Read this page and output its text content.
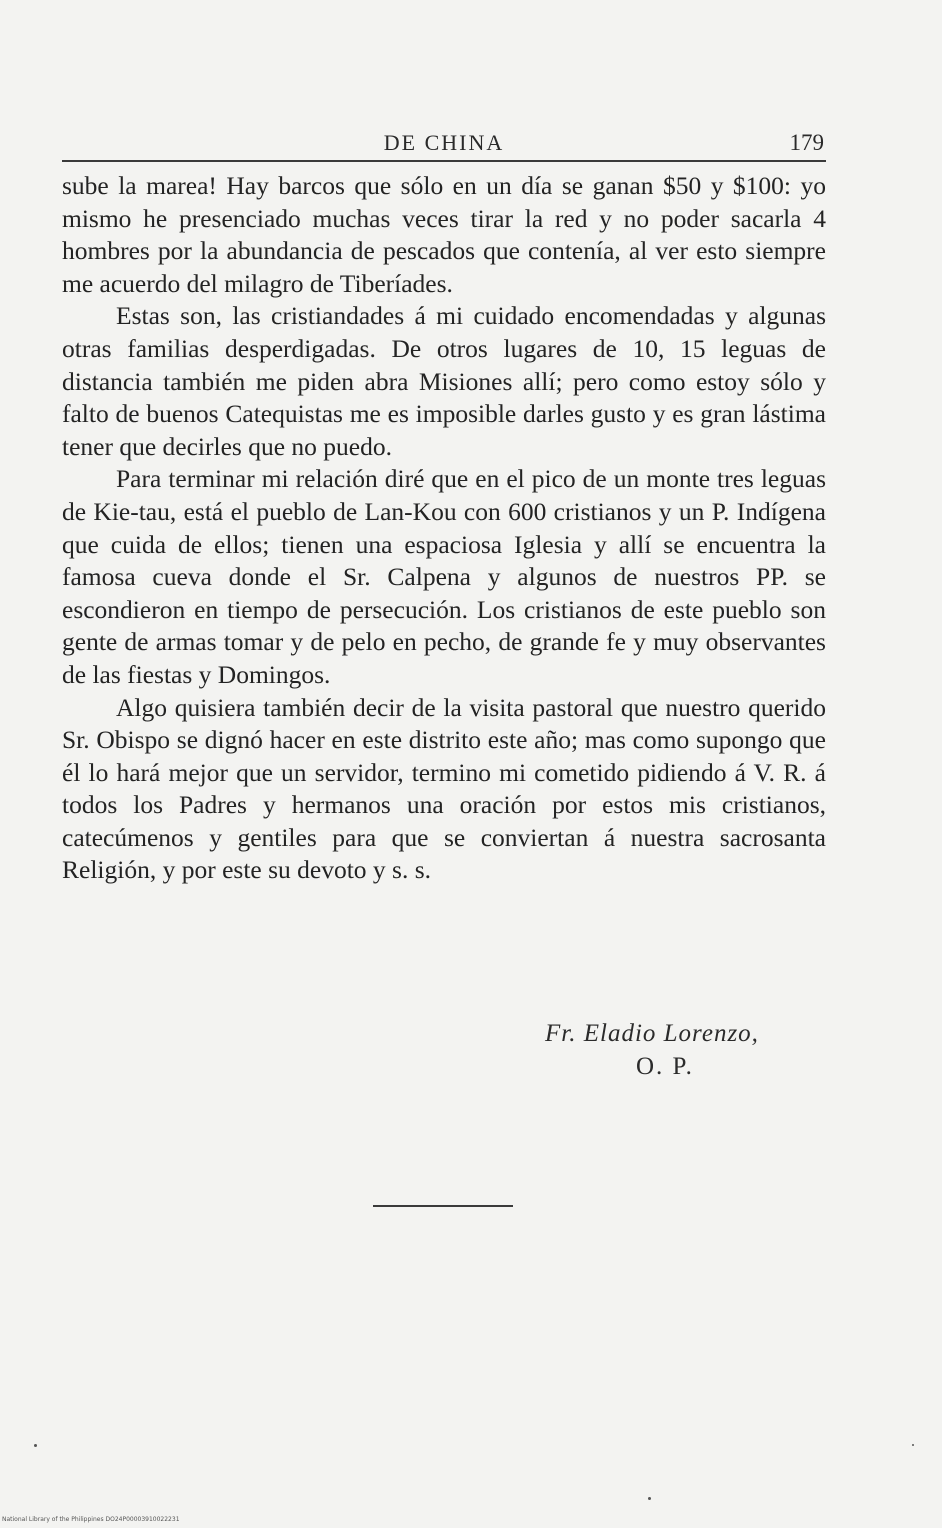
DE CHINA	179

sube la marea! Hay barcos que sólo en un día se ganan $50 y $100: yo mismo he presenciado muchas veces tirar la red y no poder sacarla 4 hombres por la abundancia de pescados que contenía, al ver esto siempre me acuerdo del milagro de Tiberíades.

Estas son, las cristiandades á mi cuidado encomendadas y algunas otras familias desperdigadas. De otros lugares de 10, 15 leguas de distancia también me piden abra Misiones allí; pero como estoy sólo y falto de buenos Catequistas me es imposible darles gusto y es gran lástima tener que decirles que no puedo.

Para terminar mi relación diré que en el pico de un monte tres leguas de Kie-tau, está el pueblo de Lan-Kou con 600 cristianos y un P. Indígena que cuida de ellos; tienen una espaciosa Iglesia y allí se encuentra la famosa cueva donde el Sr. Calpena y algunos de nuestros PP. se escondieron en tiempo de persecución. Los cristianos de este pueblo son gente de armas tomar y de pelo en pecho, de grande fe y muy observantes de las fiestas y Domingos.

Algo quisiera también decir de la visita pastoral que nuestro querido Sr. Obispo se dignó hacer en este distrito este año; mas como supongo que él lo hará mejor que un servidor, termino mi cometido pidiendo á V. R. á todos los Padres y hermanos una oración por estos mis cristianos, catecúmenos y gentiles para que se conviertan á nuestra sacrosanta Religión, y por este su devoto y s. s.

Fr. Eladio Lorenzo,
O. P.
National Library of the Philippines DO24P00003910022231
